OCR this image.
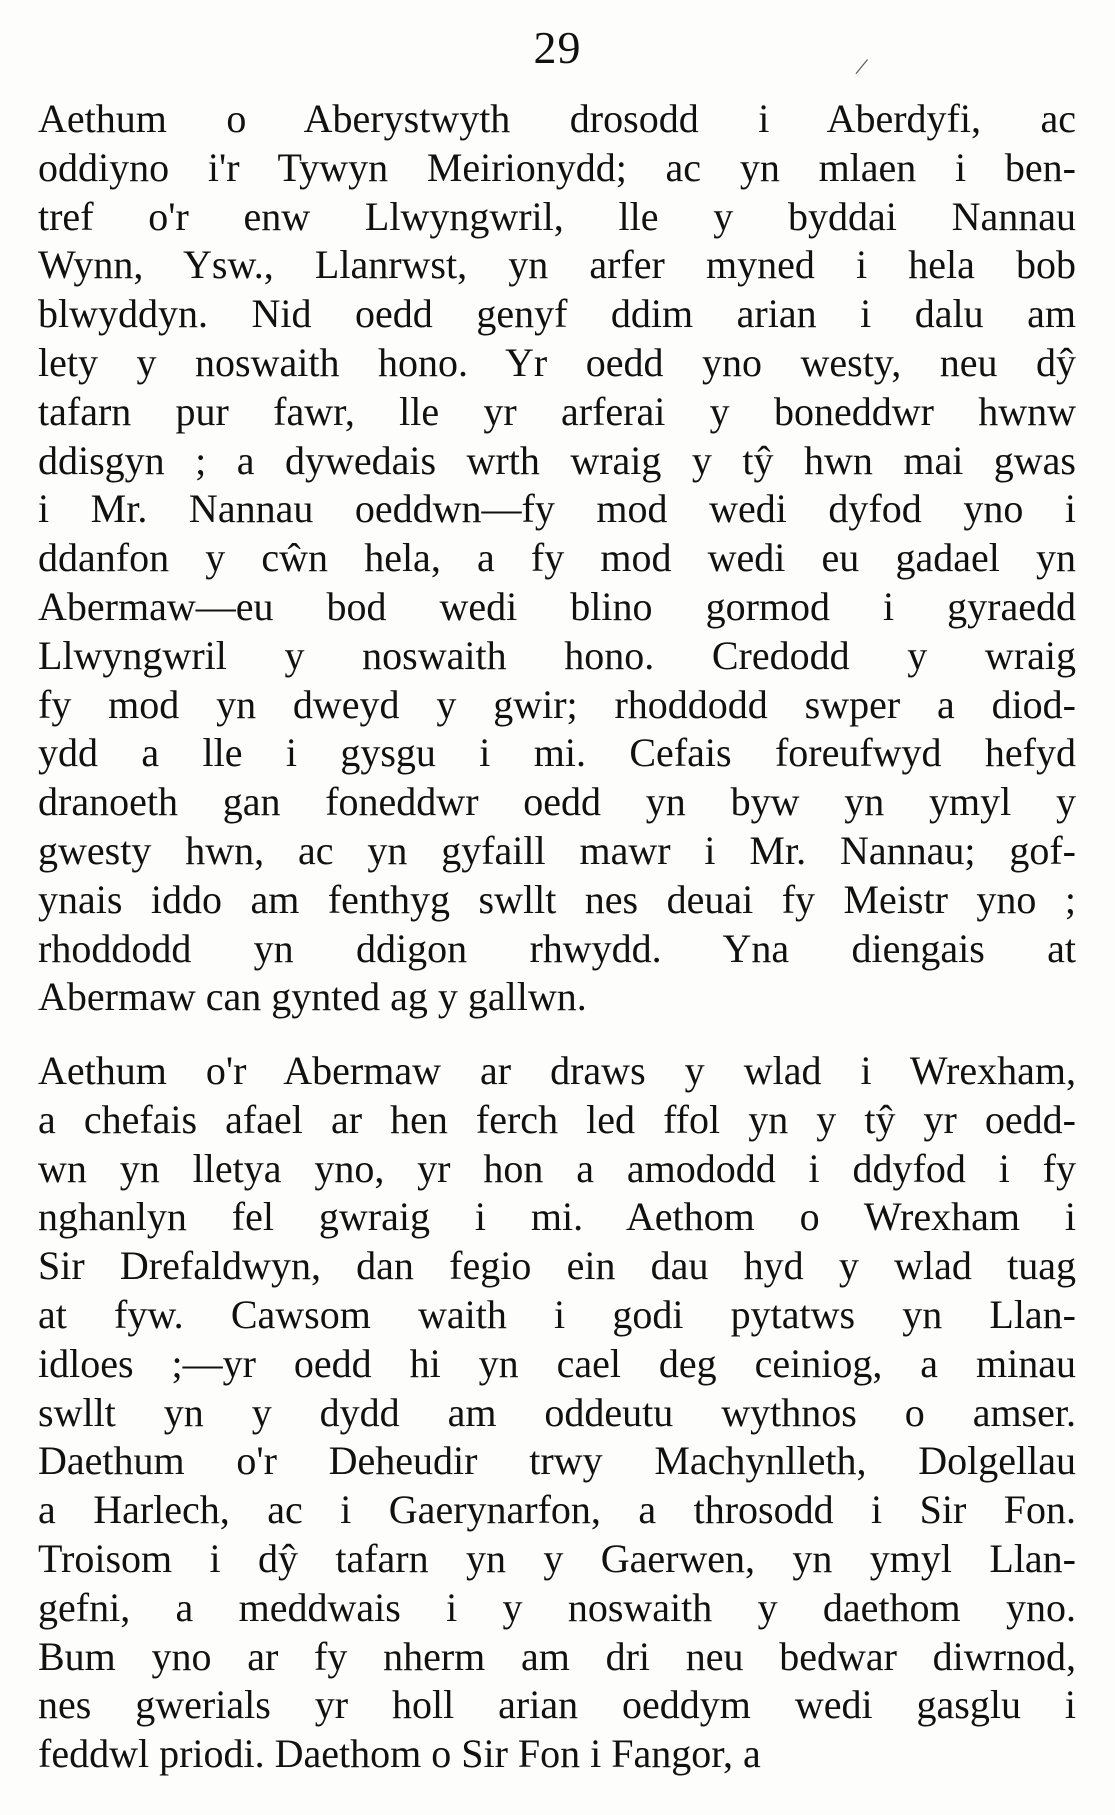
29	/
Aethum o Aberystwyth drosodd i Aberdyfi, ac
oddiyno i'r Tywyn Meirionydd; ac yn mlaen i ben-
tref o'r enw Llwyngwril, lle y byddai Nannau
Wynn, Ysw., Llanrwst, yn arfer myned i hela bob
blwyddyn. Nid oedd genyf ddim arian i dalu am
lety y noswaith hono. Yr oedd yno westy, neu dŷ
tafarn pur fawr, lle yr arferai y boneddwr hwnw
ddisgyn ; a dywedais wrth wraig y tŷ hwn mai gwas
i Mr. Nannau oeddwn—fy mod wedi dyfod yno i
ddanfon y cŵn hela, a fy mod wedi eu gadael yn
Abermaw—eu bod wedi blino gormod i gyraedd
Llwyngwril y noswaith hono. Credodd y wraig
fy mod yn dweyd y gwir; rhoddodd swper a diod-
ydd a lle i gysgu i mi. Cefais foreufwyd hefyd
dranoeth gan foneddwr oedd yn byw yn ymyl y
gwesty hwn, ac yn gyfaill mawr i Mr. Nannau; gof-
ynais iddo am fenthyg swllt nes deuai fy Meistr yno ;
rhoddodd yn ddigon rhwydd. Yna diengais at
Abermaw can gynted ag y gallwn.
Aethum o'r Abermaw ar draws y wlad i Wrexham,
a chefais afael ar hen ferch led ffol yn y tŷ yr oedd-
wn yn lletya yno, yr hon a amododd i ddyfod i fy
nghanlyn fel gwraig i mi. Aethom o Wrexham i
Sir Drefaldwyn, dan fegio ein dau hyd y wlad tuag
at fyw. Cawsom waith i godi pytatws yn Llan-
idloes ;—yr oedd hi yn cael deg ceiniog, a minau
swllt yn y dydd am oddeutu wythnos o amser.
Daethum o'r Deheudir trwy Machynlleth, Dolgellau
a Harlech, ac i Gaerynarfon, a throsodd i Sir Fon.
Troisom i dŷ tafarn yn y Gaerwen, yn ymyl Llan-
gefni, a meddwais i y noswaith y daethom yno.
Bum yno ar fy nherm am dri neu bedwar diwrnod,
nes gwerials yr holl arian oeddym wedi gasglu i
feddwl priodi. Daethom o Sir Fon i Fangor, a
